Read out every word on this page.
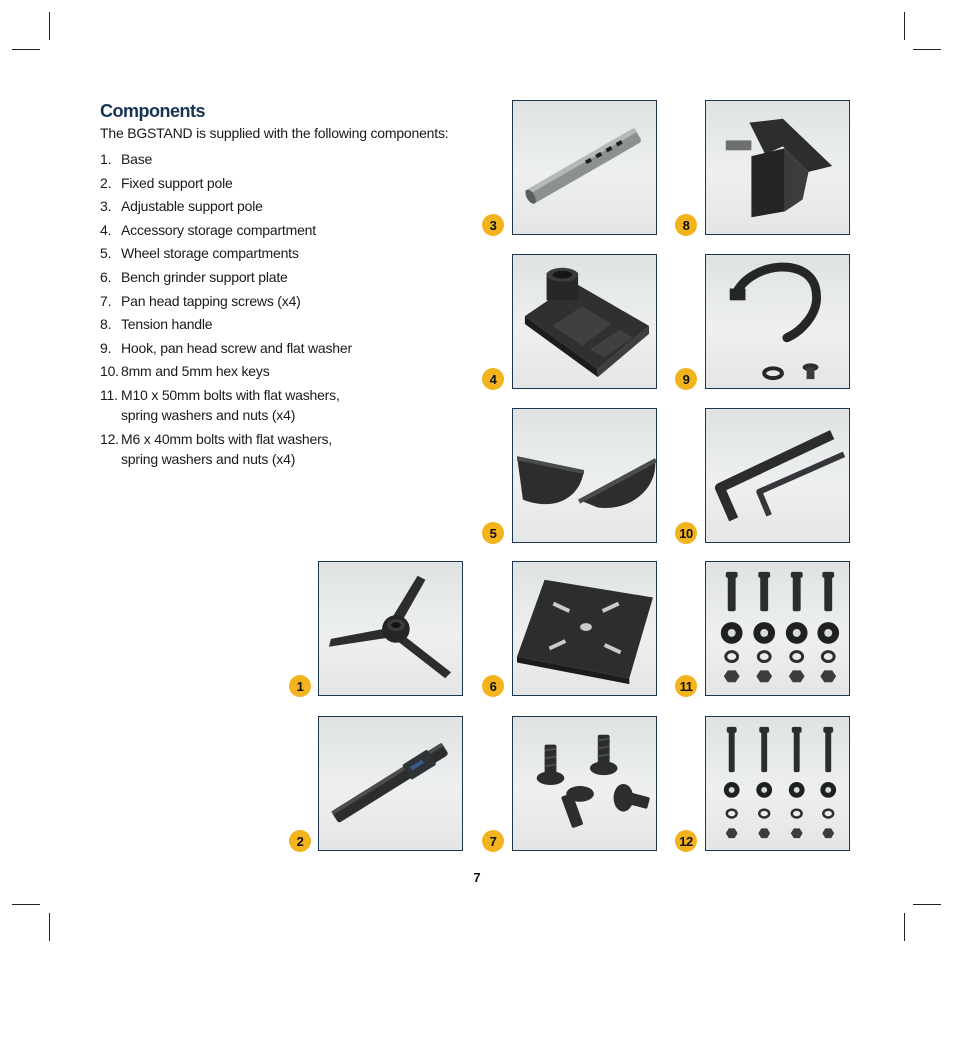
Components
The BGSTAND is supplied with the following components:
1. Base
2. Fixed support pole
3. Adjustable support pole
4. Accessory storage compartment
5. Wheel storage compartments
6. Bench grinder support plate
7. Pan head tapping screws (x4)
8. Tension handle
9. Hook, pan head screw and flat washer
10. 8mm and 5mm hex keys
11. M10 x 50mm bolts with flat washers,
spring washers and nuts (x4)
12. M6 x 40mm bolts with flat washers,
spring washers and nuts (x4)
3	8
4	9
5	10
1	6	11
2	7	12
7
